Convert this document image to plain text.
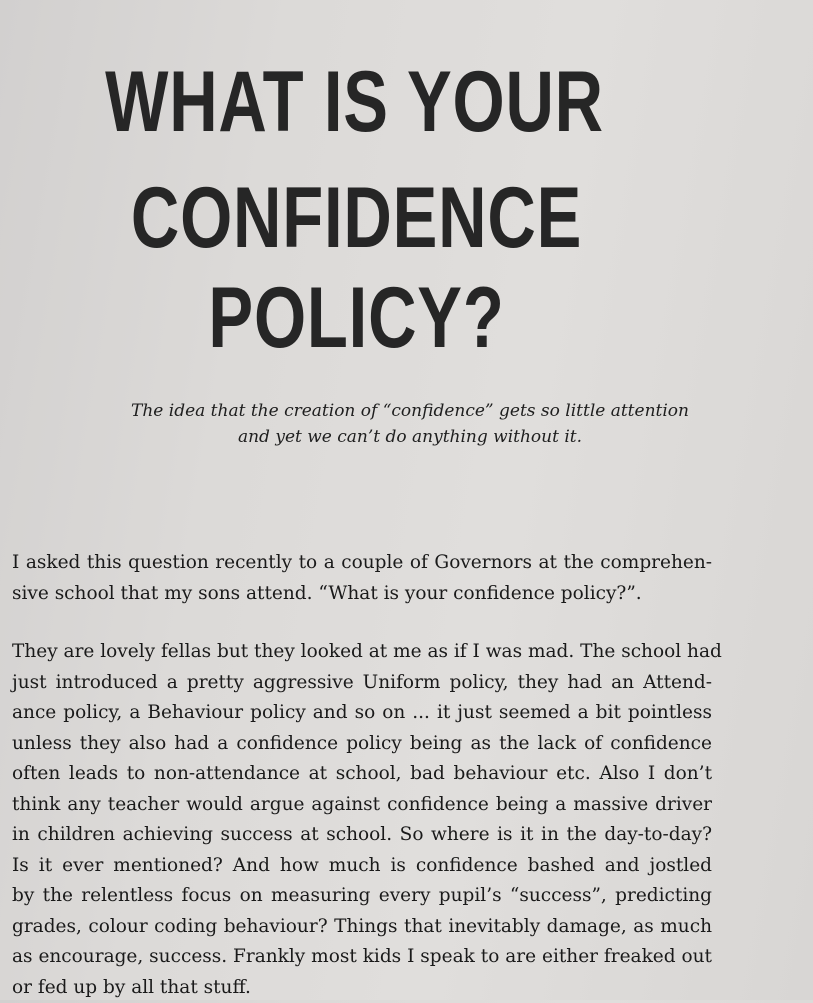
WHAT IS YOUR
CONFIDENCE POLICY?
The idea that the creation of “confidence” gets so little attention
and yet we can’t do anything without it.
I asked this question recently to a couple of Governors at the comprehen-
sive school that my sons attend. “What is your confidence policy?”.
They are lovely fellas but they looked at me as if I was mad. The school had
just introduced a pretty aggressive Uniform policy, they had an Attend-
ance policy, a Behaviour policy and so on ... it just seemed a bit pointless
unless they also had a confidence policy being as the lack of confidence
often leads to non-attendance at school, bad behaviour etc. Also I don’t
think any teacher would argue against confidence being a massive driver
in children achieving success at school. So where is it in the day-to-day?
Is it ever mentioned? And how much is confidence bashed and jostled
by the relentless focus on measuring every pupil’s “success”, predicting
grades, colour coding behaviour? Things that inevitably damage, as much
as encourage, success. Frankly most kids I speak to are either freaked out
or fed up by all that stuff.
